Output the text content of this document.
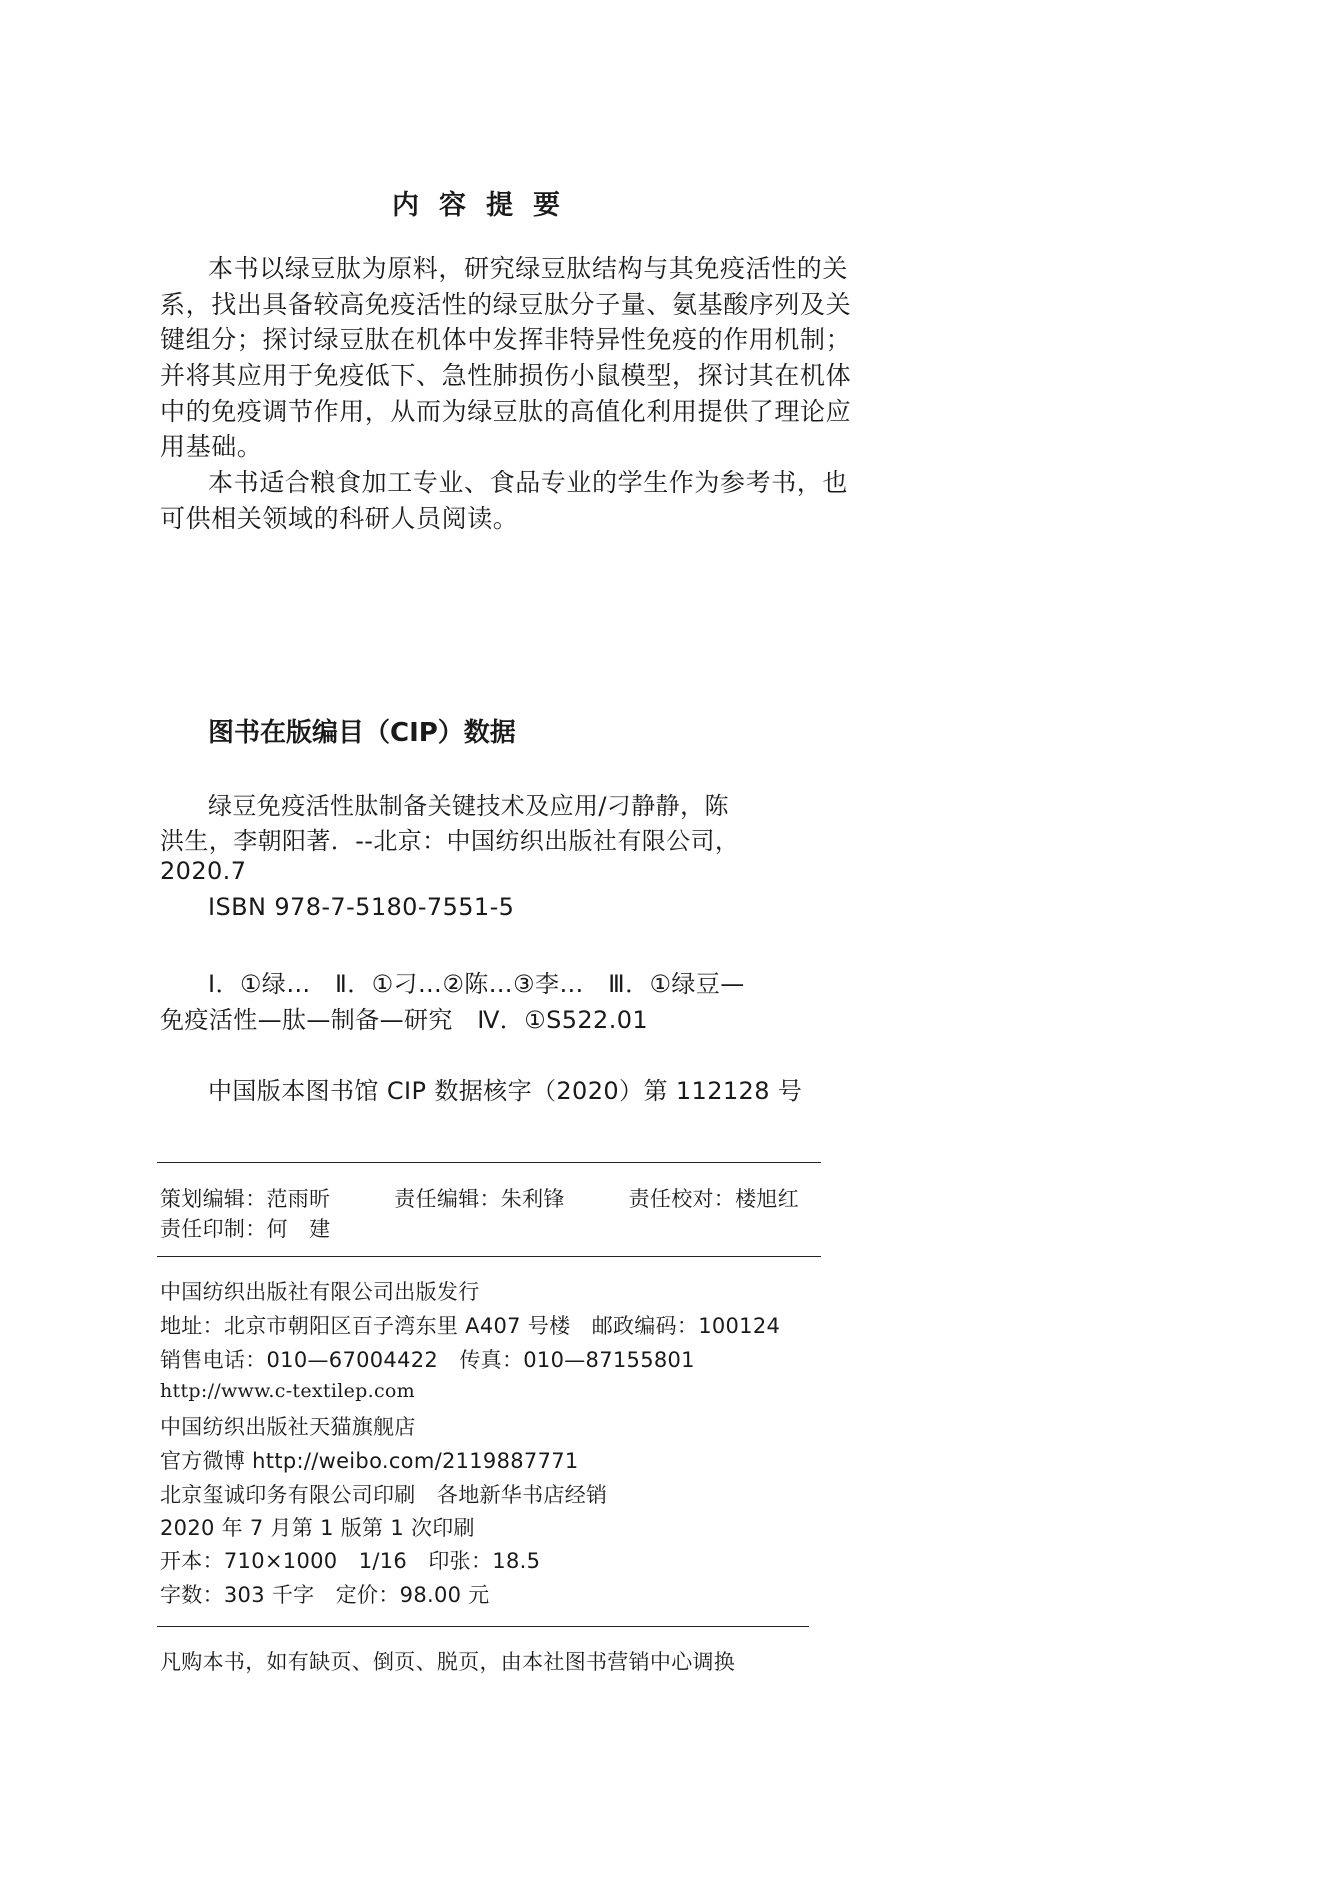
内容提要
本书以绿豆肽为原料，研究绿豆肽结构与其免疫活性的关
系，找出具备较高免疫活性的绿豆肽分子量、氨基酸序列及关
键组分；探讨绿豆肽在机体中发挥非特异性免疫的作用机制；
并将其应用于免疫低下、急性肺损伤小鼠模型，探讨其在机体
中的免疫调节作用，从而为绿豆肽的高值化利用提供了理论应
用基础。
本书适合粮食加工专业、食品专业的学生作为参考书，也
可供相关领域的科研人员阅读。
图书在版编目（CIP）数据
绿豆免疫活性肽制备关键技术及应用/刁静静，陈
洪生，李朝阳著．--北京：中国纺织出版社有限公司，
2020.7
ISBN 978-7-5180-7551-5
Ⅰ．①绿…　Ⅱ．①刁…②陈…③李…　Ⅲ．①绿豆—
免疫活性—肽—制备—研究　Ⅳ．①S522.01
中国版本图书馆 CIP 数据核字（2020）第 112128 号
策划编辑：范雨昕　　　责任编辑：朱利锋　　　责任校对：楼旭红
责任印制：何　建
中国纺织出版社有限公司出版发行
地址：北京市朝阳区百子湾东里 A407 号楼　邮政编码：100124
销售电话：010—67004422　传真：010—87155801
http://www.c-textilep.com
中国纺织出版社天猫旗舰店
官方微博 http://weibo.com/2119887771
北京玺诚印务有限公司印刷　各地新华书店经销
2020 年 7 月第 1 版第 1 次印刷
开本：710×1000　1/16　印张：18.5
字数：303 千字　定价：98.00 元
凡购本书，如有缺页、倒页、脱页，由本社图书营销中心调换
